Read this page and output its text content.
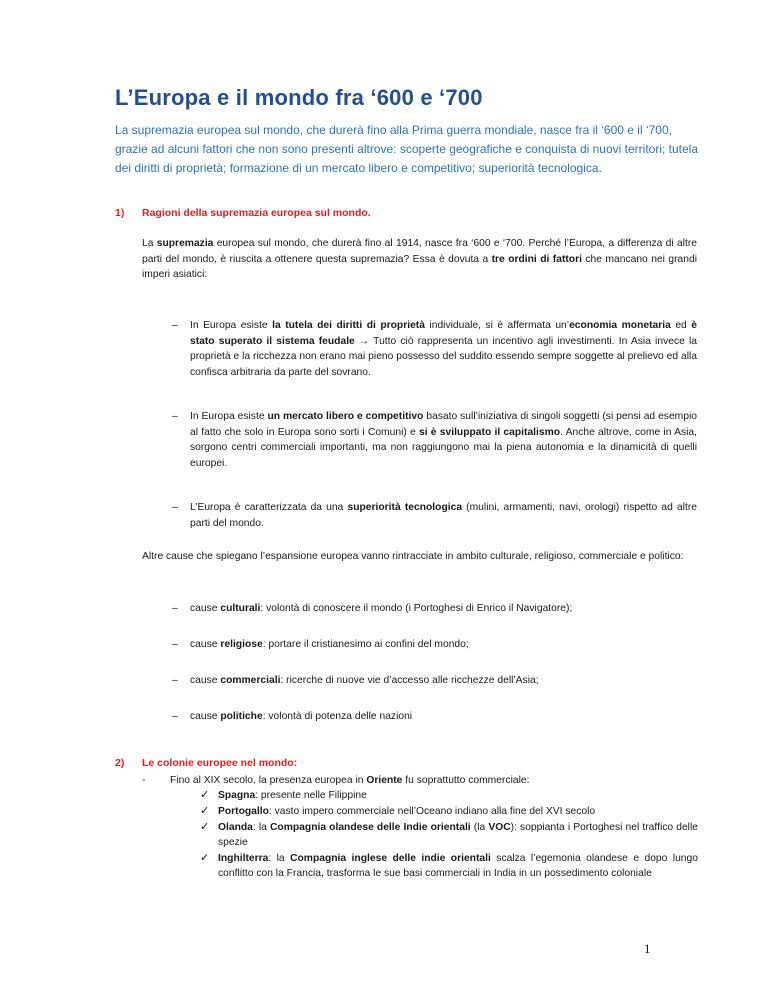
L’Europa e il mondo fra ‘600 e ‘700

La supremazia europea sul mondo, che durerà fino alla Prima guerra mondiale, nasce fra il ‘600 e il ‘700, grazie ad alcuni fattori che non sono presenti altrove: scoperte geografiche e conquista di nuovi territori; tutela dei diritti di proprietà; formazione di un mercato libero e competitivo; superiorità tecnologica.

1) Ragioni della supremazia europea sul mondo.

La supremazia europea sul mondo, che durerà fino al 1914, nasce fra ‘600 e ‘700. Perché l’Europa, a differenza di altre parti del mondo, è riuscita a ottenere questa supremazia? Essa è dovuta a tre ordini di fattori che mancano nei grandi imperi asiatici:

– In Europa esiste la tutela dei diritti di proprietà individuale, si è affermata un’economia monetaria ed è stato superato il sistema feudale → Tutto ciò rappresenta un incentivo agli investimenti. In Asia invece la proprietà e la ricchezza non erano mai pieno possesso del suddito essendo sempre soggette al prelievo ed alla confisca arbitraria da parte del sovrano.

– In Europa esiste un mercato libero e competitivo basato sull’iniziativa di singoli soggetti (si pensi ad esempio al fatto che solo in Europa sono sorti i Comuni) e si è sviluppato il capitalismo. Anche altrove, come in Asia, sorgono centri commerciali importanti, ma non raggiungono mai la piena autonomia e la dinamicità di quelli europei.

– L’Europa è caratterizzata da una superiorità tecnologica (mulini, armamenti, navi, orologi) rispetto ad altre parti del mondo.

Altre cause che spiegano l’espansione europea vanno rintracciate in ambito culturale, religioso, commerciale e politico:

– cause culturali: volontà di conoscere il mondo (i Portoghesi di Enrico il Navigatore);
– cause religiose: portare il cristianesimo ai confini del mondo;
– cause commerciali: ricerche di nuove vie d’accesso alle ricchezze dell’Asia;
– cause politiche: volontà di potenza delle nazioni
2) Le colonie europee nel mondo:
- Fino al XIX secolo, la presenza europea in Oriente fu soprattutto commerciale:
✓ Spagna: presente nelle Filippine

✓ Portogallo: vasto impero commerciale nell’Oceano indiano alla fine del XVI secolo

✓ Olanda: la Compagnia olandese delle Indie orientali (la VOC): soppianta i Portoghesi nel traffico delle spezie

✓ Inghilterra: la Compagnia inglese delle indie orientali scalza l’egemonia olandese e dopo lungo conflitto con la Francia, trasforma le sue basi commerciali in India in un possedimento coloniale

1
